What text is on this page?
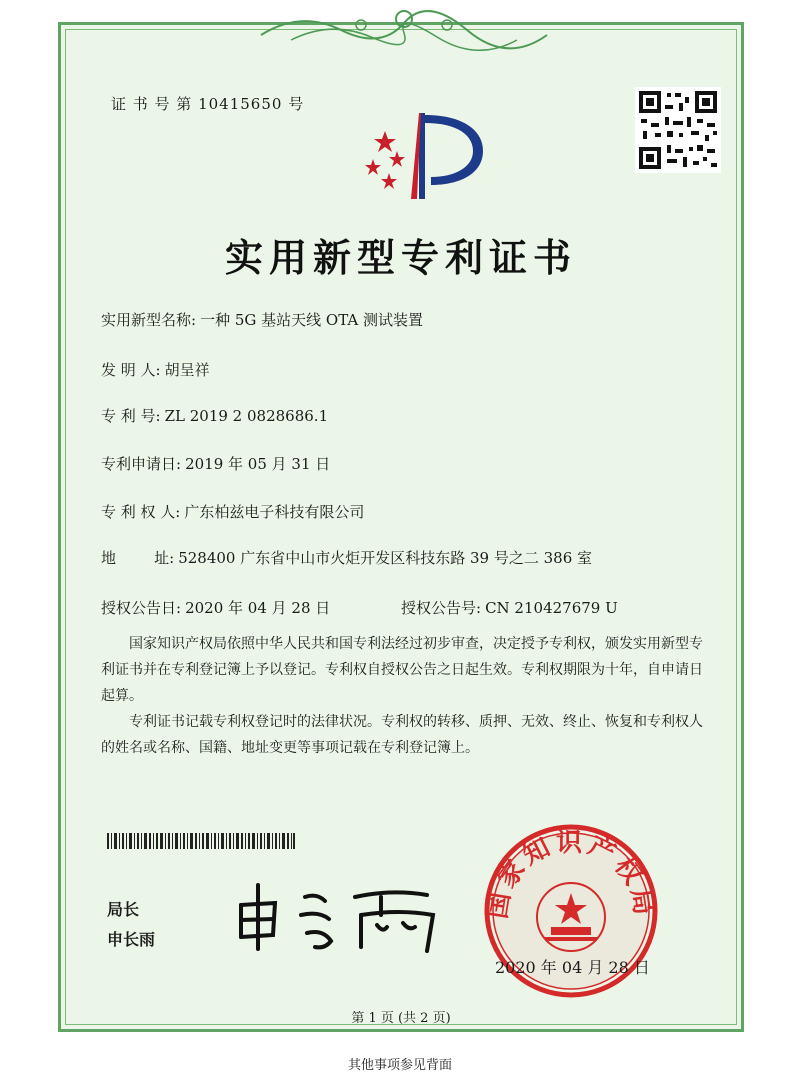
证 书 号 第 10415650 号
实用新型专利证书
实用新型名称: 一种 5G 基站天线 OTA 测试装置
发 明 人: 胡呈祥
专 利 号: ZL 2019 2 0828686.1
专利申请日: 2019 年 05 月 31 日
专 利 权 人: 广东柏兹电子科技有限公司
地        址: 528400 广东省中山市火炬开发区科技东路 39 号之二 386 室
授权公告日: 2020 年 04 月 28 日	授权公告号: CN 210427679 U
国家知识产权局依照中华人民共和国专利法经过初步审查，决定授予专利权，颁发实用新型专利证书并在专利登记簿上予以登记。专利权自授权公告之日起生效。专利权期限为十年，自申请日起算。
专利证书记载专利权登记时的法律状况。专利权的转移、质押、无效、终止、恢复和专利权人的姓名或名称、国籍、地址变更等事项记载在专利登记簿上。
局长
申长雨
国家知识产权局
2020 年 04 月 28 日
第 1 页 (共 2 页)
其他事项参见背面
